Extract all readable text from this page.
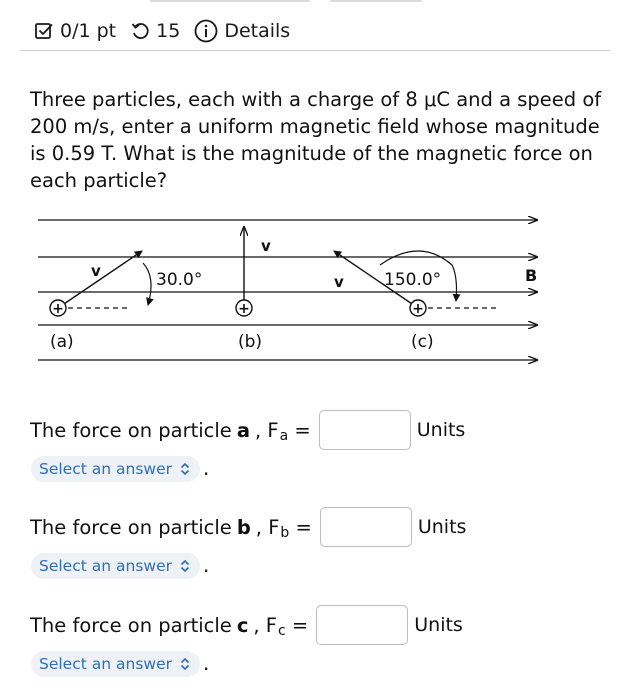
0/1 pt 15 Details
Three particles, each with a charge of 8 μC and a speed of 200 m/s, enter a uniform magnetic field whose magnitude is 0.59 T. What is the magnitude of the magnetic force on each particle?
B
v	30.0°
+
(a)
v
+
(b)
v 150.0°
+
(c)
The force on particle a ,
F a
=	Units
Select an answer .
The force on particle b ,
F b
=	Units
Select an answer .
The force on particle c ,
F c
=	Units
Select an answer .
